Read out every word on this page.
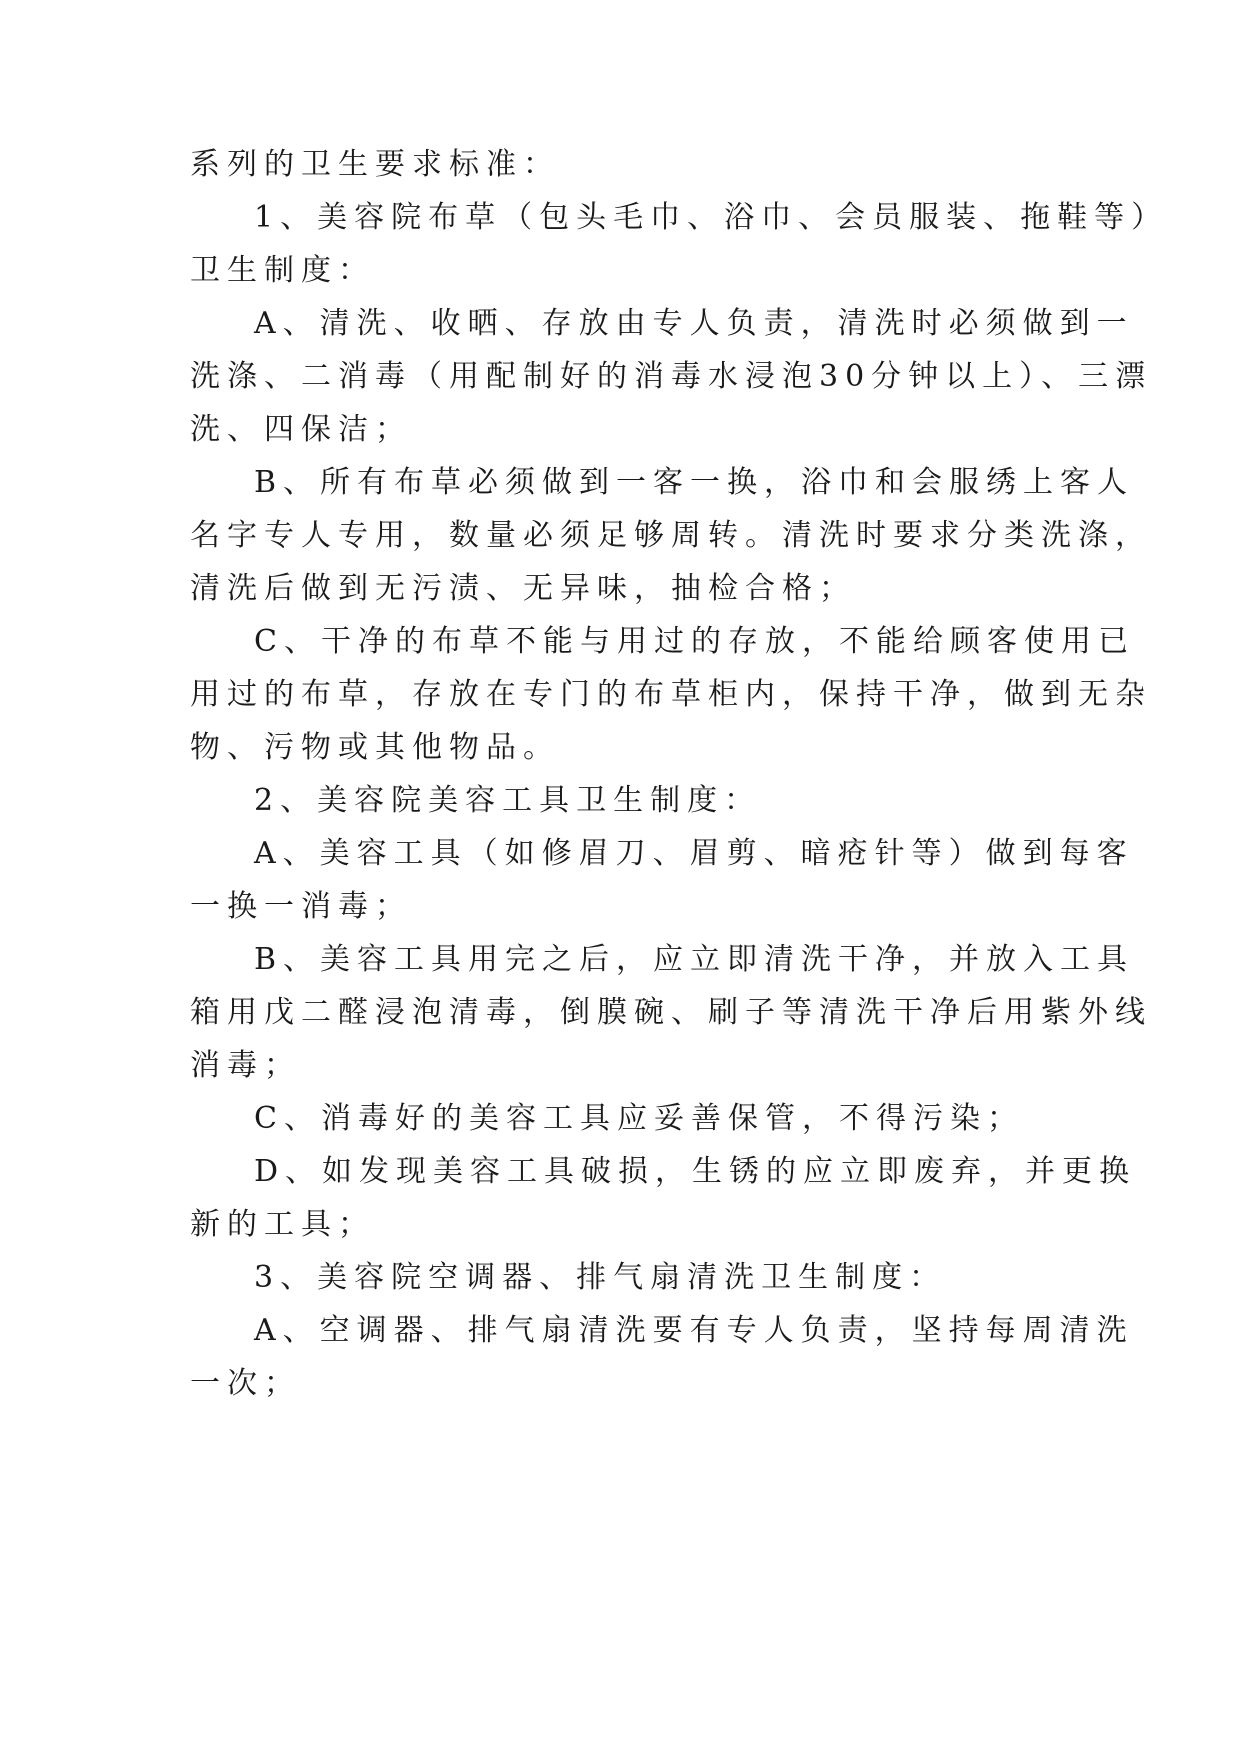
系列的卫生要求标准：
1、美容院布草（包头毛巾、浴巾、会员服装、拖鞋等）
卫生制度：
A、清洗、收晒、存放由专人负责，清洗时必须做到一
洗涤、二消毒（用配制好的消毒水浸泡30分钟以上）、三漂
洗、四保洁；
B、所有布草必须做到一客一换，浴巾和会服绣上客人
名字专人专用，数量必须足够周转。清洗时要求分类洗涤，
清洗后做到无污渍、无异味，抽检合格；
C、干净的布草不能与用过的存放，不能给顾客使用已
用过的布草，存放在专门的布草柜内，保持干净，做到无杂
物、污物或其他物品。
2、美容院美容工具卫生制度：
A、美容工具（如修眉刀、眉剪、暗疮针等）做到每客
一换一消毒；
B、美容工具用完之后，应立即清洗干净，并放入工具
箱用戊二醛浸泡清毒，倒膜碗、刷子等清洗干净后用紫外线
消毒；
C、消毒好的美容工具应妥善保管，不得污染；
D、如发现美容工具破损，生锈的应立即废弃，并更换
新的工具；
3、美容院空调器、排气扇清洗卫生制度：
A、空调器、排气扇清洗要有专人负责，坚持每周清洗
一次；
